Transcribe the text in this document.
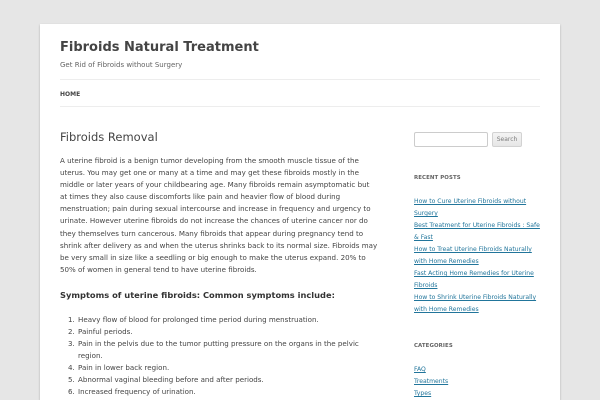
Fibroids Natural Treatment
Get Rid of Fibroids without Surgery
HOME
Fibroids Removal

A uterine fibroid is a benign tumor developing from the smooth muscle tissue of the uterus. You may get one or many at a time and may get these fibroids mostly in the middle or later years of your childbearing age. Many fibroids remain asymptomatic but at times they also cause discomforts like pain and heavier flow of blood during menstruation; pain during sexual intercourse and increase in frequency and urgency to urinate. However uterine fibroids do not increase the chances of uterine cancer nor do they themselves turn cancerous. Many fibroids that appear during pregnancy tend to shrink after delivery as and when the uterus shrinks back to its normal size. Fibroids may be very small in size like a seedling or big enough to make the uterus expand. 20% to 50% of women in general tend to have uterine fibroids.

Symptoms of uterine fibroids: Common symptoms include:
1. Heavy flow of blood for prolonged time period during menstruation.
2. Painful periods.
3. Pain in the pelvis due to the tumor putting pressure on the organs in the pelvic region.
4. Pain in lower back region.
5. Abnormal vaginal bleeding before and after periods.
6. Increased frequency of urination.
Search
RECENT POSTS
How to Cure Uterine Fibroids without Surgery
Best Treatment for Uterine Fibroids : Safe & Fast
How to Treat Uterine Fibroids Naturally with Home Remedies
Fast Acting Home Remedies for Uterine Fibroids
How to Shrink Uterine Fibroids Naturally with Home Remedies
CATEGORIES
FAQ
Treatments
Types
